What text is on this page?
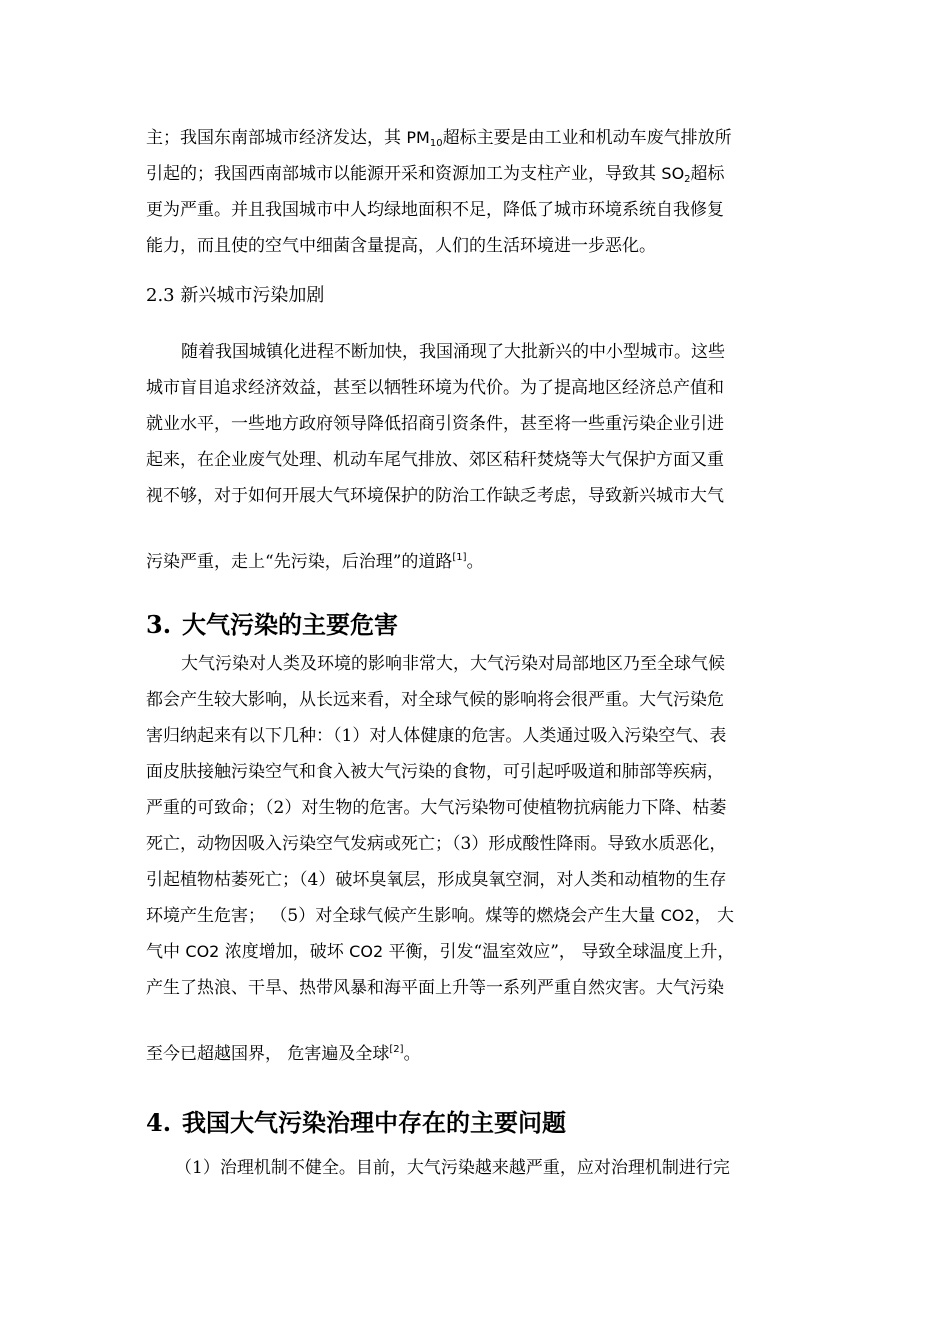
主；我国东南部城市经济发达，其 PM10超标主要是由工业和机动车废气排放所
引起的；我国西南部城市以能源开采和资源加工为支柱产业，导致其 SO2超标
更为严重。并且我国城市中人均绿地面积不足，降低了城市环境系统自我修复
能力，而且使的空气中细菌含量提高，人们的生活环境进一步恶化。
2.3 新兴城市污染加剧
随着我国城镇化进程不断加快，我国涌现了大批新兴的中小型城市。这些
城市盲目追求经济效益，甚至以牺牲环境为代价。为了提高地区经济总产值和
就业水平，一些地方政府领导降低招商引资条件，甚至将一些重污染企业引进
起来，在企业废气处理、机动车尾气排放、郊区秸秆焚烧等大气保护方面又重
视不够，对于如何开展大气环境保护的防治工作缺乏考虑，导致新兴城市大气
污染严重，走上“先污染，后治理”的道路[1]。
3. 大气污染的主要危害
大气污染对人类及环境的影响非常大，大气污染对局部地区乃至全球气候
都会产生较大影响，从长远来看，对全球气候的影响将会很严重。大气污染危
害归纳起来有以下几种：（1）对人体健康的危害。人类通过吸入污染空气、表
面皮肤接触污染空气和食入被大气污染的食物，可引起呼吸道和肺部等疾病，
严重的可致命；（2）对生物的危害。大气污染物可使植物抗病能力下降、枯萎
死亡，动物因吸入污染空气发病或死亡；（3）形成酸性降雨。导致水质恶化，
引起植物枯萎死亡；（4）破坏臭氧层，形成臭氧空洞，对人类和动植物的生存
环境产生危害； （5）对全球气候产生影响。煤等的燃烧会产生大量 CO2， 大
气中 CO2 浓度增加，破坏 CO2 平衡，引发“温室效应”， 导致全球温度上升，
产生了热浪、干旱、热带风暴和海平面上升等一系列严重自然灾害。大气污染
至今已超越国界， 危害遍及全球[2]。
4. 我国大气污染治理中存在的主要问题
（1）治理机制不健全。目前，大气污染越来越严重，应对治理机制进行完
